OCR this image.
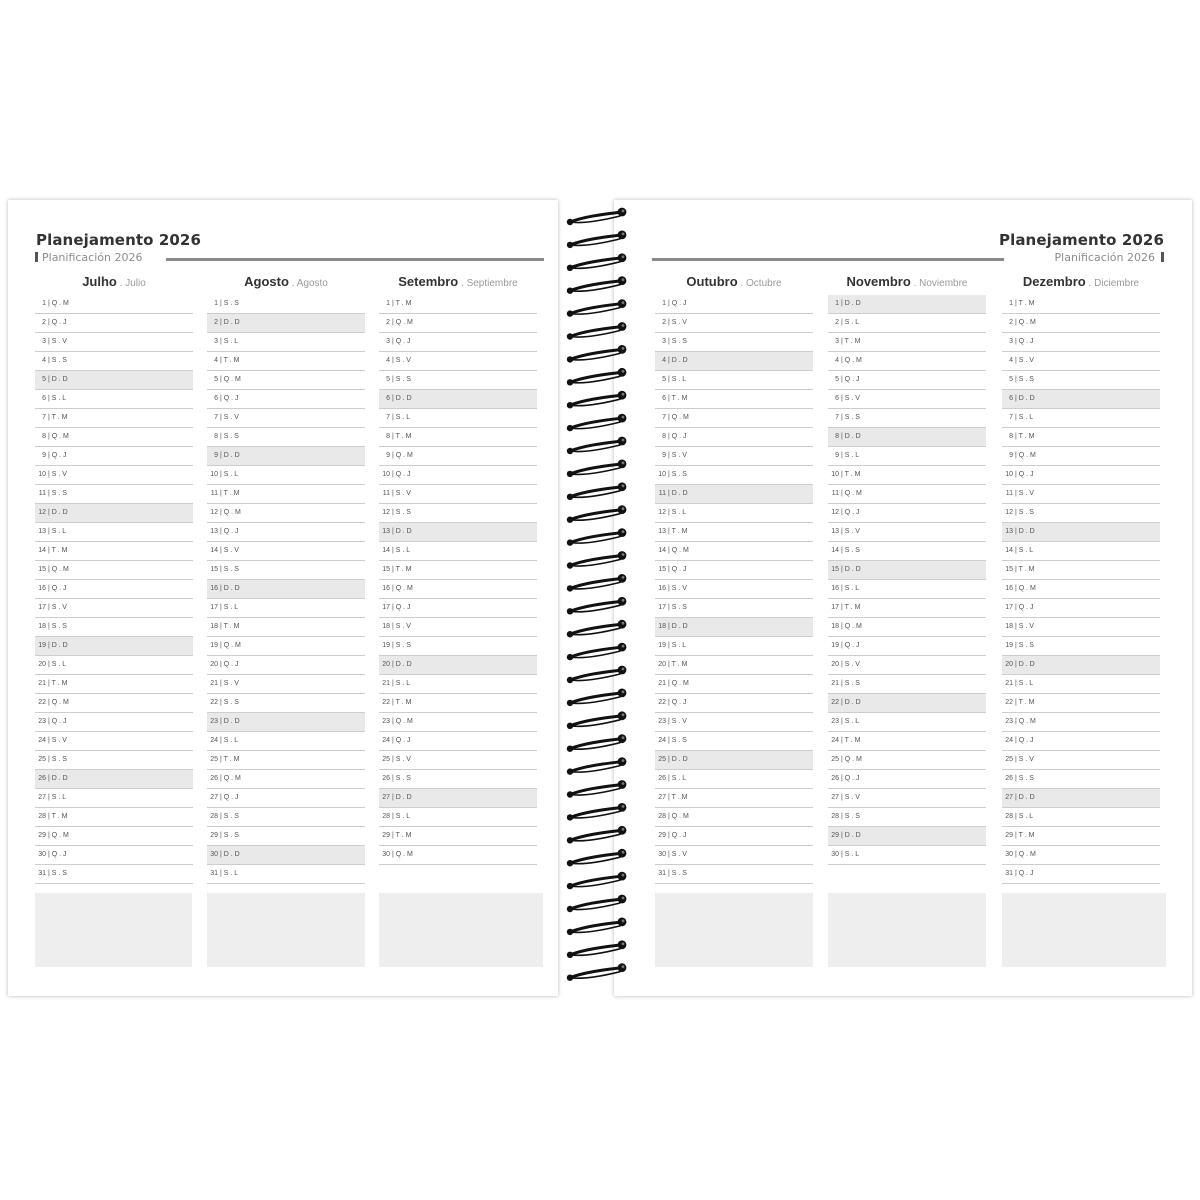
Planejamento 2026
Planificación 2026
Julho . Julio
1 | Q . M
2 | Q . J
3 | S . V
4 | S . S
5 | D . D
6 | S . L
7 | T . M
8 | Q . M
9 | Q . J
10 | S . V
11 | S . S
12 | D . D
13 | S . L
14 | T . M
15 | Q . M
16 | Q . J
17 | S . V
18 | S . S
19 | D . D
20 | S . L
21 | T . M
22 | Q . M
23 | Q . J
24 | S . V
25 | S . S
26 | D . D
27 | S . L
28 | T . M
29 | Q . M
30 | Q . J
31 | S . S
Agosto . Agosto
1 | S . S
2 | D . D
3 | S . L
4 | T . M
5 | Q . M
6 | Q . J
7 | S . V
8 | S . S
9 | D . D
10 | S . L
11 | T . M
12 | Q . M
13 | Q . J
14 | S . V
15 | S . S
16 | D . D
17 | S . L
18 | T . M
19 | Q . M
20 | Q . J
21 | S . V
22 | S . S
23 | D . D
24 | S . L
25 | T . M
26 | Q . M
27 | Q . J
28 | S . S
29 | S . S
30 | D . D
31 | S . L
Setembro . Septiembre
1 | T . M
2 | Q . M
3 | Q . J
4 | S . V
5 | S . S
6 | D . D
7 | S . L
8 | T . M
9 | Q . M
10 | Q . J
11 | S . V
12 | S . S
13 | D . D
14 | S . L
15 | T . M
16 | Q . M
17 | Q . J
18 | S . V
19 | S . S
20 | D . D
21 | S . L
22 | T . M
23 | Q . M
24 | Q . J
25 | S . V
26 | S . S
27 | D . D
28 | S . L
29 | T . M
30 | Q . M
Planejamento 2026
Planificación 2026
Outubro . Octubre
1 | Q . J
2 | S . V
3 | S . S
4 | D . D
5 | S . L
6 | T . M
7 | Q . M
8 | Q . J
9 | S . V
10 | S . S
11 | D . D
12 | S . L
13 | T . M
14 | Q . M
15 | Q . J
16 | S . V
17 | S . S
18 | D . D
19 | S . L
20 | T . M
21 | Q . M
22 | Q . J
23 | S . V
24 | S . S
25 | D . D
26 | S . L
27 | T . M
28 | Q . M
29 | Q . J
30 | S . V
31 | S . S
Novembro . Noviembre
1 | D . D
2 | S . L
3 | T . M
4 | Q . M
5 | Q . J
6 | S . V
7 | S . S
8 | D . D
9 | S . L
10 | T . M
11 | Q . M
12 | Q . J
13 | S . V
14 | S . S
15 | D . D
16 | S . L
17 | T . M
18 | Q . M
19 | Q . J
20 | S . V
21 | S . S
22 | D . D
23 | S . L
24 | T . M
25 | Q . M
26 | Q . J
27 | S . V
28 | S . S
29 | D . D
30 | S . L
Dezembro . Diciembre
1 | T . M
2 | Q . M
3 | Q . J
4 | S . V
5 | S . S
6 | D . D
7 | S . L
8 | T . M
9 | Q . M
10 | Q . J
11 | S . V
12 | S . S
13 | D . D
14 | S . L
15 | T . M
16 | Q . M
17 | Q . J
18 | S . V
19 | S . S
20 | D . D
21 | S . L
22 | T . M
23 | Q . M
24 | Q . J
25 | S . V
26 | S . S
27 | D . D
28 | S . L
29 | T . M
30 | Q . M
31 | Q . J
